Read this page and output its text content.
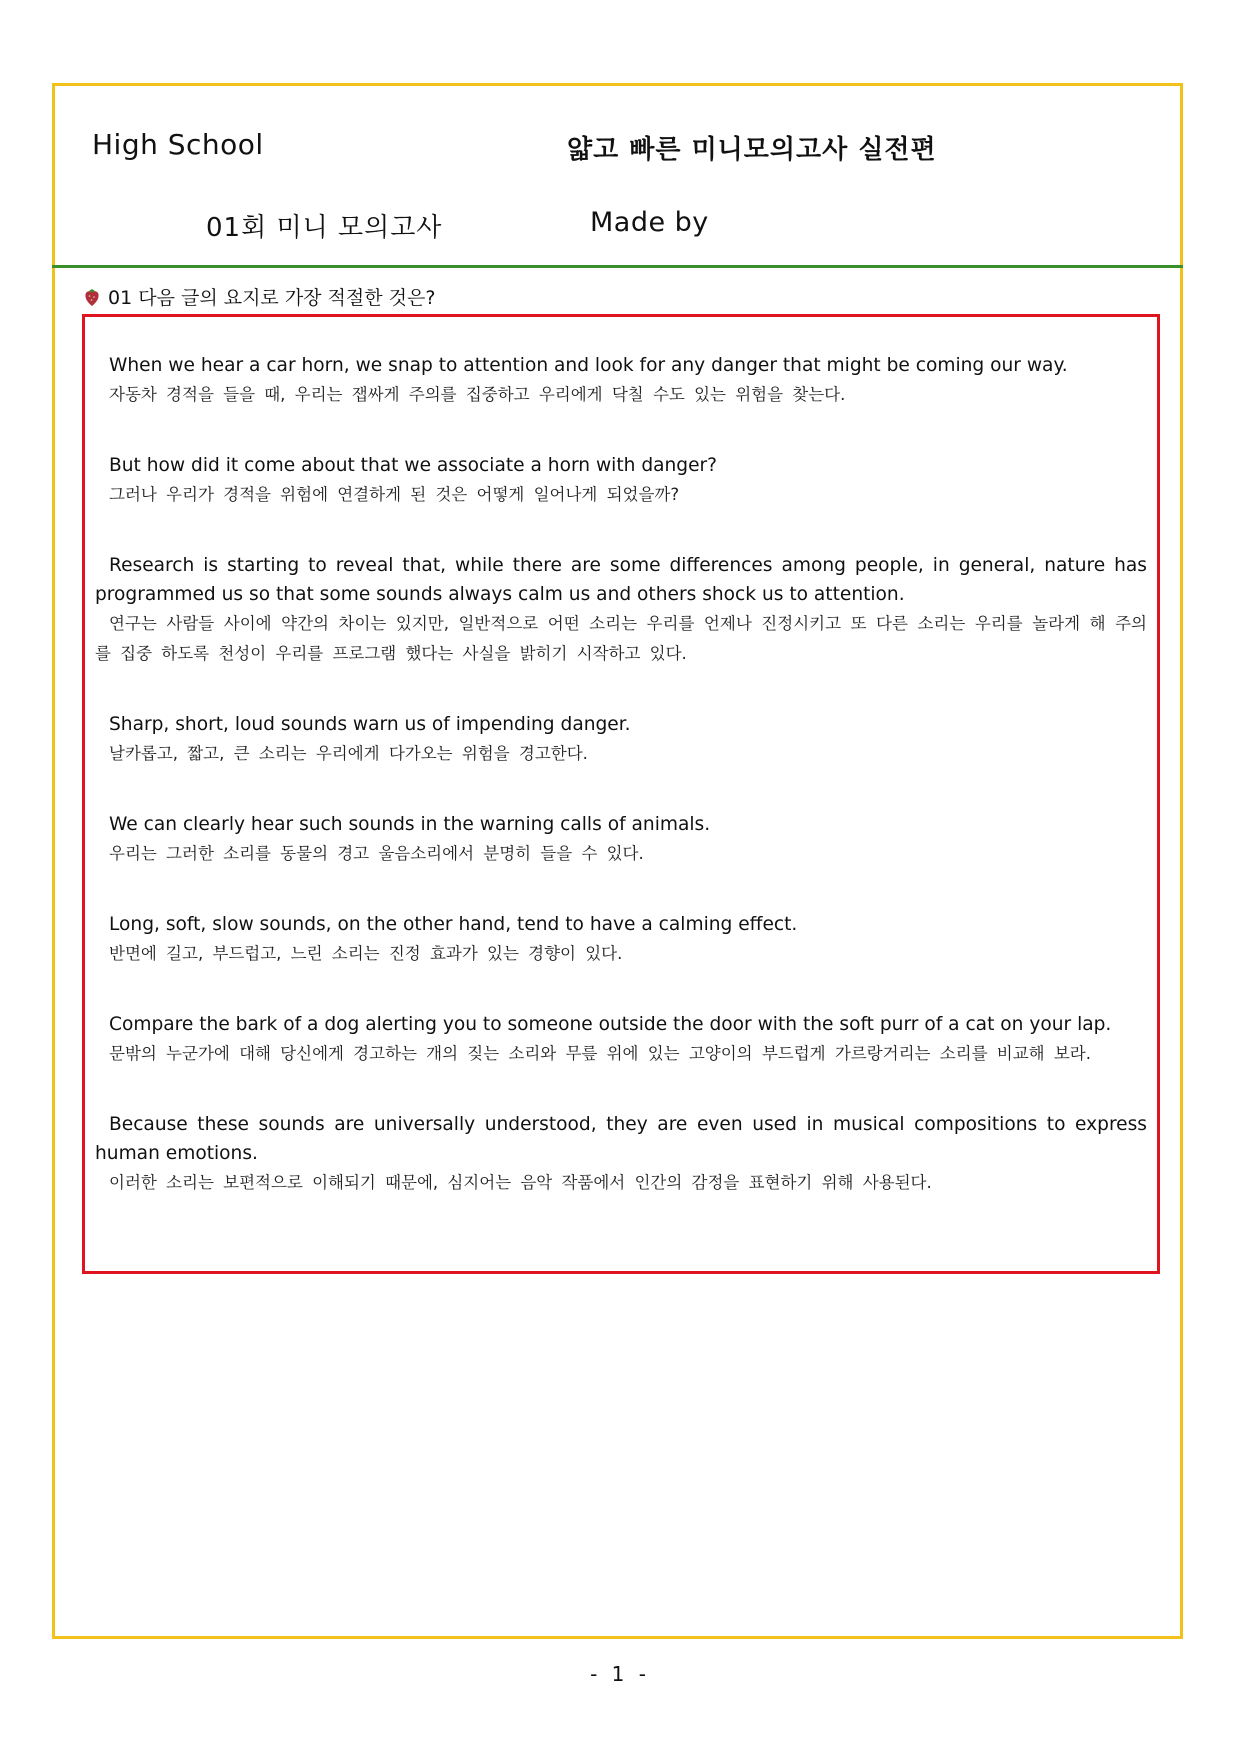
High School	얇고 빠른 미니모의고사 실전편
01회 미니 모의고사	Made by
01 다음 글의 요지로 가장 적절한 것은?
When we hear a car horn, we snap to attention and look for any danger that might be coming our way.
자동차 경적을 들을 때, 우리는 잽싸게 주의를 집중하고 우리에게 닥칠 수도 있는 위험을 찾는다.
But how did it come about that we associate a horn with danger?
그러나 우리가 경적을 위험에 연결하게 된 것은 어떻게 일어나게 되었을까?
Research is starting to reveal that, while there are some differences among people, in general, nature has programmed us so that some sounds always calm us and others shock us to attention.
연구는 사람들 사이에 약간의 차이는 있지만, 일반적으로 어떤 소리는 우리를 언제나 진정시키고 또 다른 소리는 우리를 놀라게 해 주의를 집중 하도록 천성이 우리를 프로그램 했다는 사실을 밝히기 시작하고 있다.
Sharp, short, loud sounds warn us of impending danger.
날카롭고, 짧고, 큰 소리는 우리에게 다가오는 위험을 경고한다.
We can clearly hear such sounds in the warning calls of animals.
우리는 그러한 소리를 동물의 경고 울음소리에서 분명히 들을 수 있다.
Long, soft, slow sounds, on the other hand, tend to have a calming effect.
반면에 길고, 부드럽고, 느린 소리는 진정 효과가 있는 경향이 있다.
Compare the bark of a dog alerting you to someone outside the door with the soft purr of a cat on your lap.
문밖의 누군가에 대해 당신에게 경고하는 개의 짖는 소리와 무릎 위에 있는 고양이의 부드럽게 가르랑거리는 소리를 비교해 보라.
Because these sounds are universally understood, they are even used in musical compositions to express human emotions.
이러한 소리는 보편적으로 이해되기 때문에, 심지어는 음악 작품에서 인간의 감정을 표현하기 위해 사용된다.
- 1 -
